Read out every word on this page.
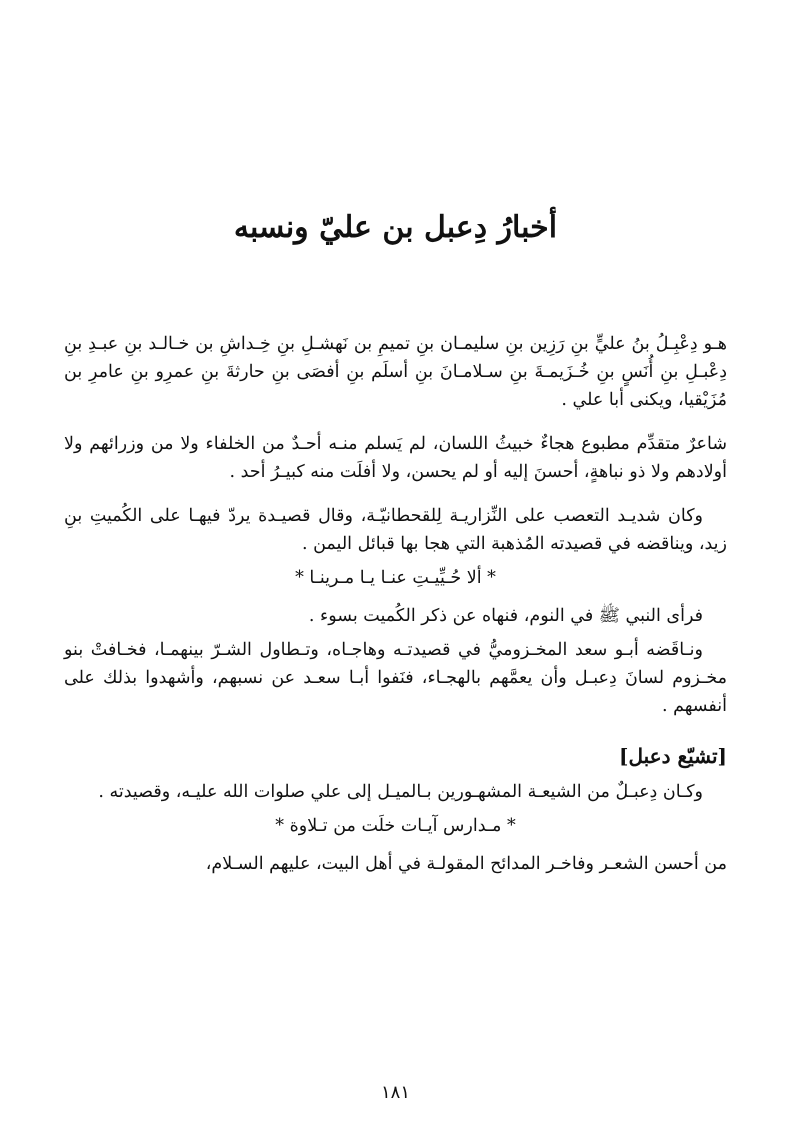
أخبارُ دِعبل بن عليّ ونسبه

هـو دِعْبِـلُ بنُ عليٍّ بنِ رَزِين بنِ سليمـان بنِ تميمِ بن نَهشـلِ بنِ خِـداشِ بن خـالـد بنِ عبـدِ بنِ دِعْبـلِ بنِ أُنَسٍ بنِ خُـزَيمـةَ بنِ سـلامـانَ بنِ أسلَم بنِ أفصَى بنِ حارثةَ بنِ عمرِو بنِ عامرِ بن مُزَيْقيا، ويكنى أبا علي .

شاعرٌ متقدِّم مطبوع هجاءٌ خبيثُ اللسان، لم يَسلم منـه أحـدٌ من الخلفاء ولا من وزرائهم ولا أولادهم ولا ذو نباهةٍ، أحسنَ إليه أو لم يحسن، ولا أفلَت منه كبيـرُ أحد .

وكان شديـد التعصب على النِّزاريـة لِلقحطانيّـة، وقال قصيـدة يردّ فيهـا على الكُميتِ بنِ زيد، ويناقضه في قصيدته المُذهبة التي هجا بها قبائل اليمن .

* ألا حُـيِّيـتِ عنـا يـا مـرينـا *

فرأى النبي ﷺ في النوم، فنهاه عن ذكر الكُميت بسوء .

ونـاقَضه أبـو سعد المخـزوميُّ في قصيدتـه وهاجـاه، وتـطاول الشـرّ بينهمـا، فخـافتْ بنو مخـزوم لسانَ دِعبـل وأن يعمَّهم بالهجـاء، فنَفوا أبـا سعـد عن نسبهم، وأشهدوا بذلك على أنفسهم .

[تشيّع دعبل]

وكـان دِعبـلٌ من الشيعـة المشهـورين بـالميـل إلى علي صلوات الله عليـه، وقصيدته .

* مـدارس آيـات خلَت من تـلاوة *

من أحسن الشعـر وفاخـر المدائح المقولـة في أهل البيت، عليهم السـلام،

١٨١
